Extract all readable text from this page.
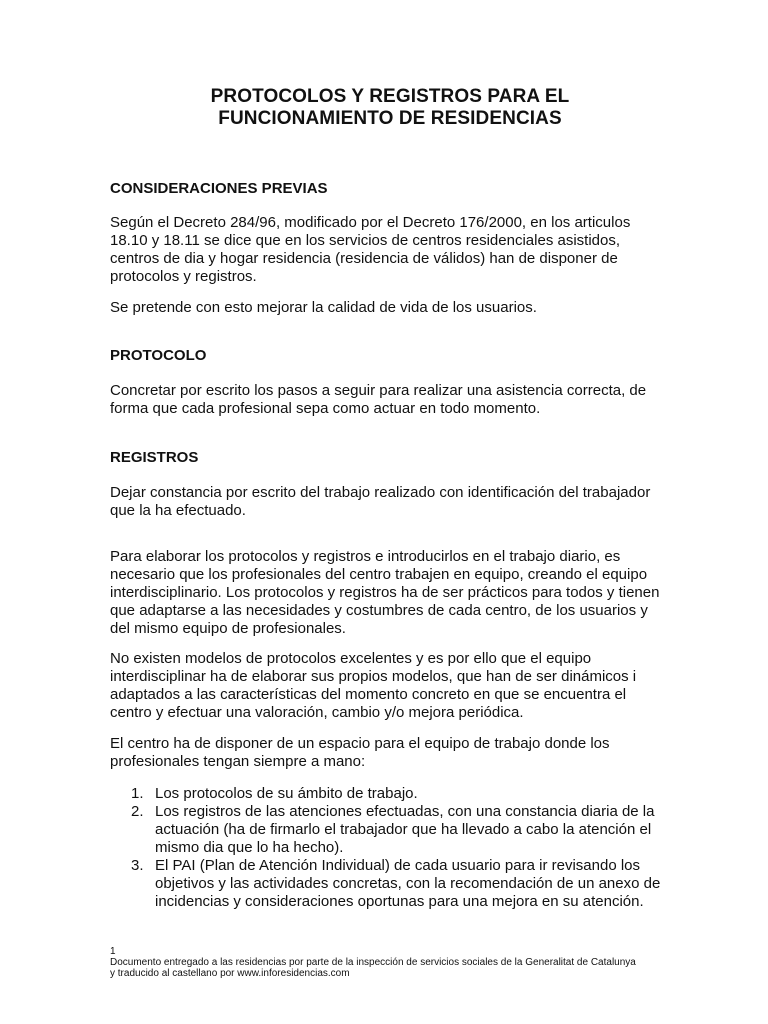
PROTOCOLOS Y REGISTROS PARA EL
FUNCIONAMIENTO DE RESIDENCIAS
CONSIDERACIONES PREVIAS
Según el Decreto 284/96, modificado por el Decreto 176/2000, en los articulos
18.10 y 18.11 se dice que en los servicios de centros residenciales asistidos,
centros de dia y hogar residencia (residencia de válidos) han de disponer de
protocolos y registros.
Se pretende con esto mejorar la calidad de vida de los usuarios.
PROTOCOLO
Concretar por escrito los pasos a seguir para realizar una asistencia correcta, de
forma que cada profesional sepa como actuar en todo momento.
REGISTROS
Dejar constancia por escrito del trabajo realizado con identificación del trabajador
que la ha efectuado.
Para elaborar los protocolos y registros e introducirlos en el trabajo diario, es
necesario que los profesionales del centro trabajen en equipo, creando el equipo
interdisciplinario. Los protocolos y registros ha de ser prácticos para todos y tienen
que adaptarse a las necesidades y costumbres de cada centro, de los usuarios y
del mismo equipo de profesionales.
No existen modelos de protocolos excelentes y es por ello que el equipo
interdisciplinar ha de elaborar sus propios modelos, que han de ser dinámicos i
adaptados a las características del momento concreto en que se encuentra el
centro y efectuar una valoración, cambio y/o mejora periódica.
El centro ha de disponer de un espacio para el equipo de trabajo donde los
profesionales tengan siempre a mano:
1. Los protocolos de su ámbito de trabajo.
2. Los registros de las atenciones efectuadas, con una constancia diaria de la
actuación (ha de firmarlo el trabajador que ha llevado a cabo la atención el
mismo dia que lo ha hecho).
3. El PAI (Plan de Atención Individual) de cada usuario para ir revisando los
objetivos y las actividades concretas, con la recomendación de un anexo de
incidencias y consideraciones oportunas para una mejora en su atención.
1
Documento entregado a las residencias por parte de la inspección de servicios sociales de la Generalitat de Catalunya
y traducido al castellano por www.inforesidencias.com
